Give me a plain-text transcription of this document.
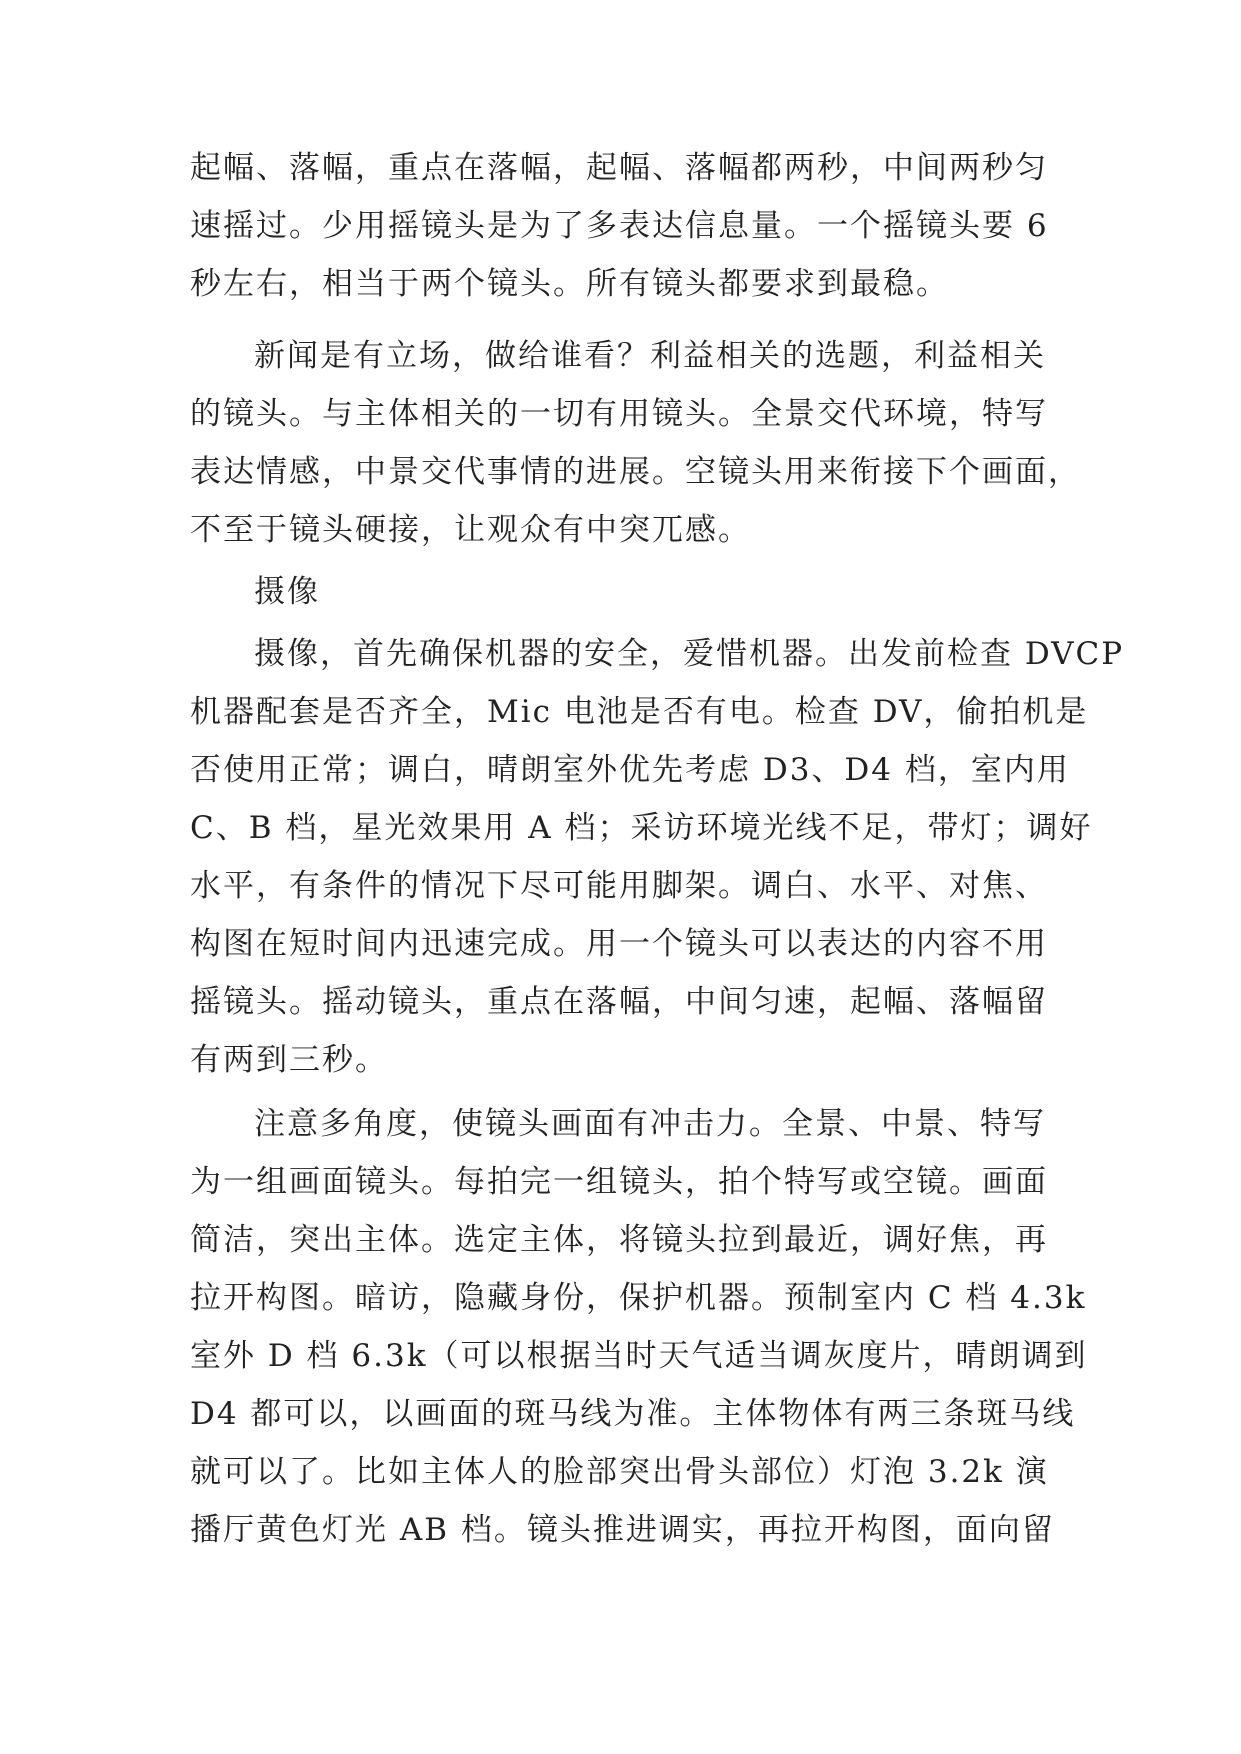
起幅、落幅，重点在落幅，起幅、落幅都两秒，中间两秒匀
速摇过。少用摇镜头是为了多表达信息量。一个摇镜头要 6
秒左右，相当于两个镜头。所有镜头都要求到最稳。
新闻是有立场，做给谁看？利益相关的选题，利益相关
的镜头。与主体相关的一切有用镜头。全景交代环境，特写
表达情感，中景交代事情的进展。空镜头用来衔接下个画面，
不至于镜头硬接，让观众有中突兀感。
摄像
摄像，首先确保机器的安全，爱惜机器。出发前检查 DVCP
机器配套是否齐全，Mic 电池是否有电。检查 DV，偷拍机是
否使用正常；调白，晴朗室外优先考虑 D3、D4 档，室内用
C、B 档，星光效果用 A 档；采访环境光线不足，带灯；调好
水平，有条件的情况下尽可能用脚架。调白、水平、对焦、
构图在短时间内迅速完成。用一个镜头可以表达的内容不用
摇镜头。摇动镜头，重点在落幅，中间匀速，起幅、落幅留
有两到三秒。
注意多角度，使镜头画面有冲击力。全景、中景、特写
为一组画面镜头。每拍完一组镜头，拍个特写或空镜。画面
简洁，突出主体。选定主体，将镜头拉到最近，调好焦，再
拉开构图。暗访，隐藏身份，保护机器。预制室内 C 档 4.3k
室外 D 档 6.3k（可以根据当时天气适当调灰度片，晴朗调到
D4 都可以，以画面的斑马线为准。主体物体有两三条斑马线
就可以了。比如主体人的脸部突出骨头部位）灯泡 3.2k 演
播厅黄色灯光 AB 档。镜头推进调实，再拉开构图，面向留
